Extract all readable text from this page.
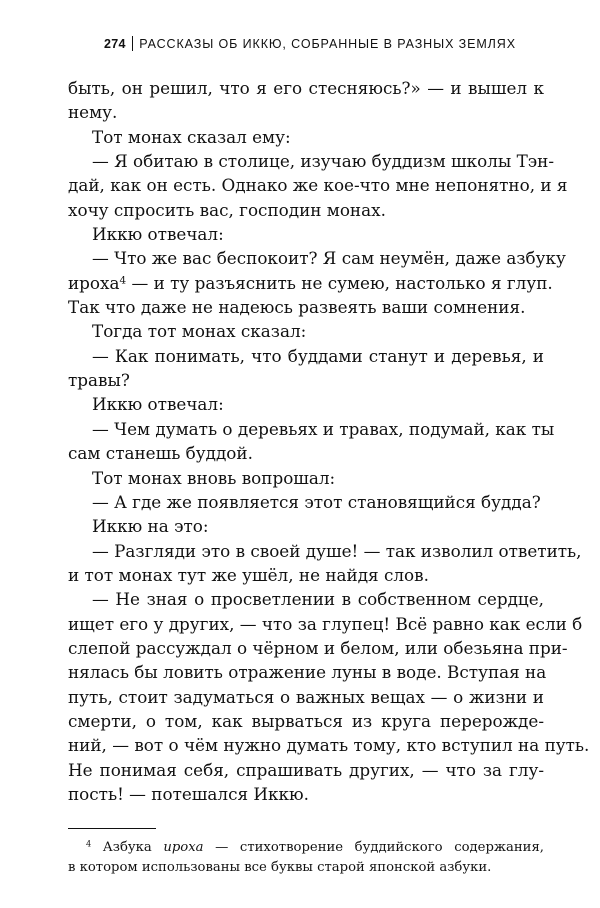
274 РАССКАЗЫ ОБ ИККЮ, СОБРАННЫЕ В РАЗНЫХ ЗЕМЛЯХ
быть, он решил, что я его стесняюсь?» — и вышел к
нему.
Тот монах сказал ему:
— Я обитаю в столице, изучаю буддизм школы Тэн-
дай, как он есть. Однако же кое-что мне непонятно, и я
хочу спросить вас, господин монах.
Иккю отвечал:
— Что же вас беспокоит? Я сам неумён, даже азбуку
ироха$^4$ — и ту разъяснить не сумею, настолько я глуп.
Так что даже не надеюсь развеять ваши сомнения.
Тогда тот монах сказал:
— Как понимать, что буддами станут и деревья, и
травы?
Иккю отвечал:
— Чем думать о деревьях и травах, подумай, как ты
сам станешь буддой.
Тот монах вновь вопрошал:
— А где же появляется этот становящийся будда?
Иккю на это:
— Разгляди это в своей душе! — так изволил ответить,
и тот монах тут же ушёл, не найдя слов.
— Не зная о просветлении в собственном сердце,
ищет его у других, — что за глупец! Всё равно как если б
слепой рассуждал о чёрном и белом, или обезьяна при-
нялась бы ловить отражение луны в воде. Вступая на
путь, стоит задуматься о важных вещах — о жизни и
смерти, о том, как вырваться из круга перерожде-
ний, — вот о чём нужно думать тому, кто вступил на путь.
Не понимая себя, спрашивать других, — что за глу-
пость! — потешался Иккю.
$^4$ Азбука ироха — стихотворение буддийского содержания,
в котором использованы все буквы старой японской азбуки.
